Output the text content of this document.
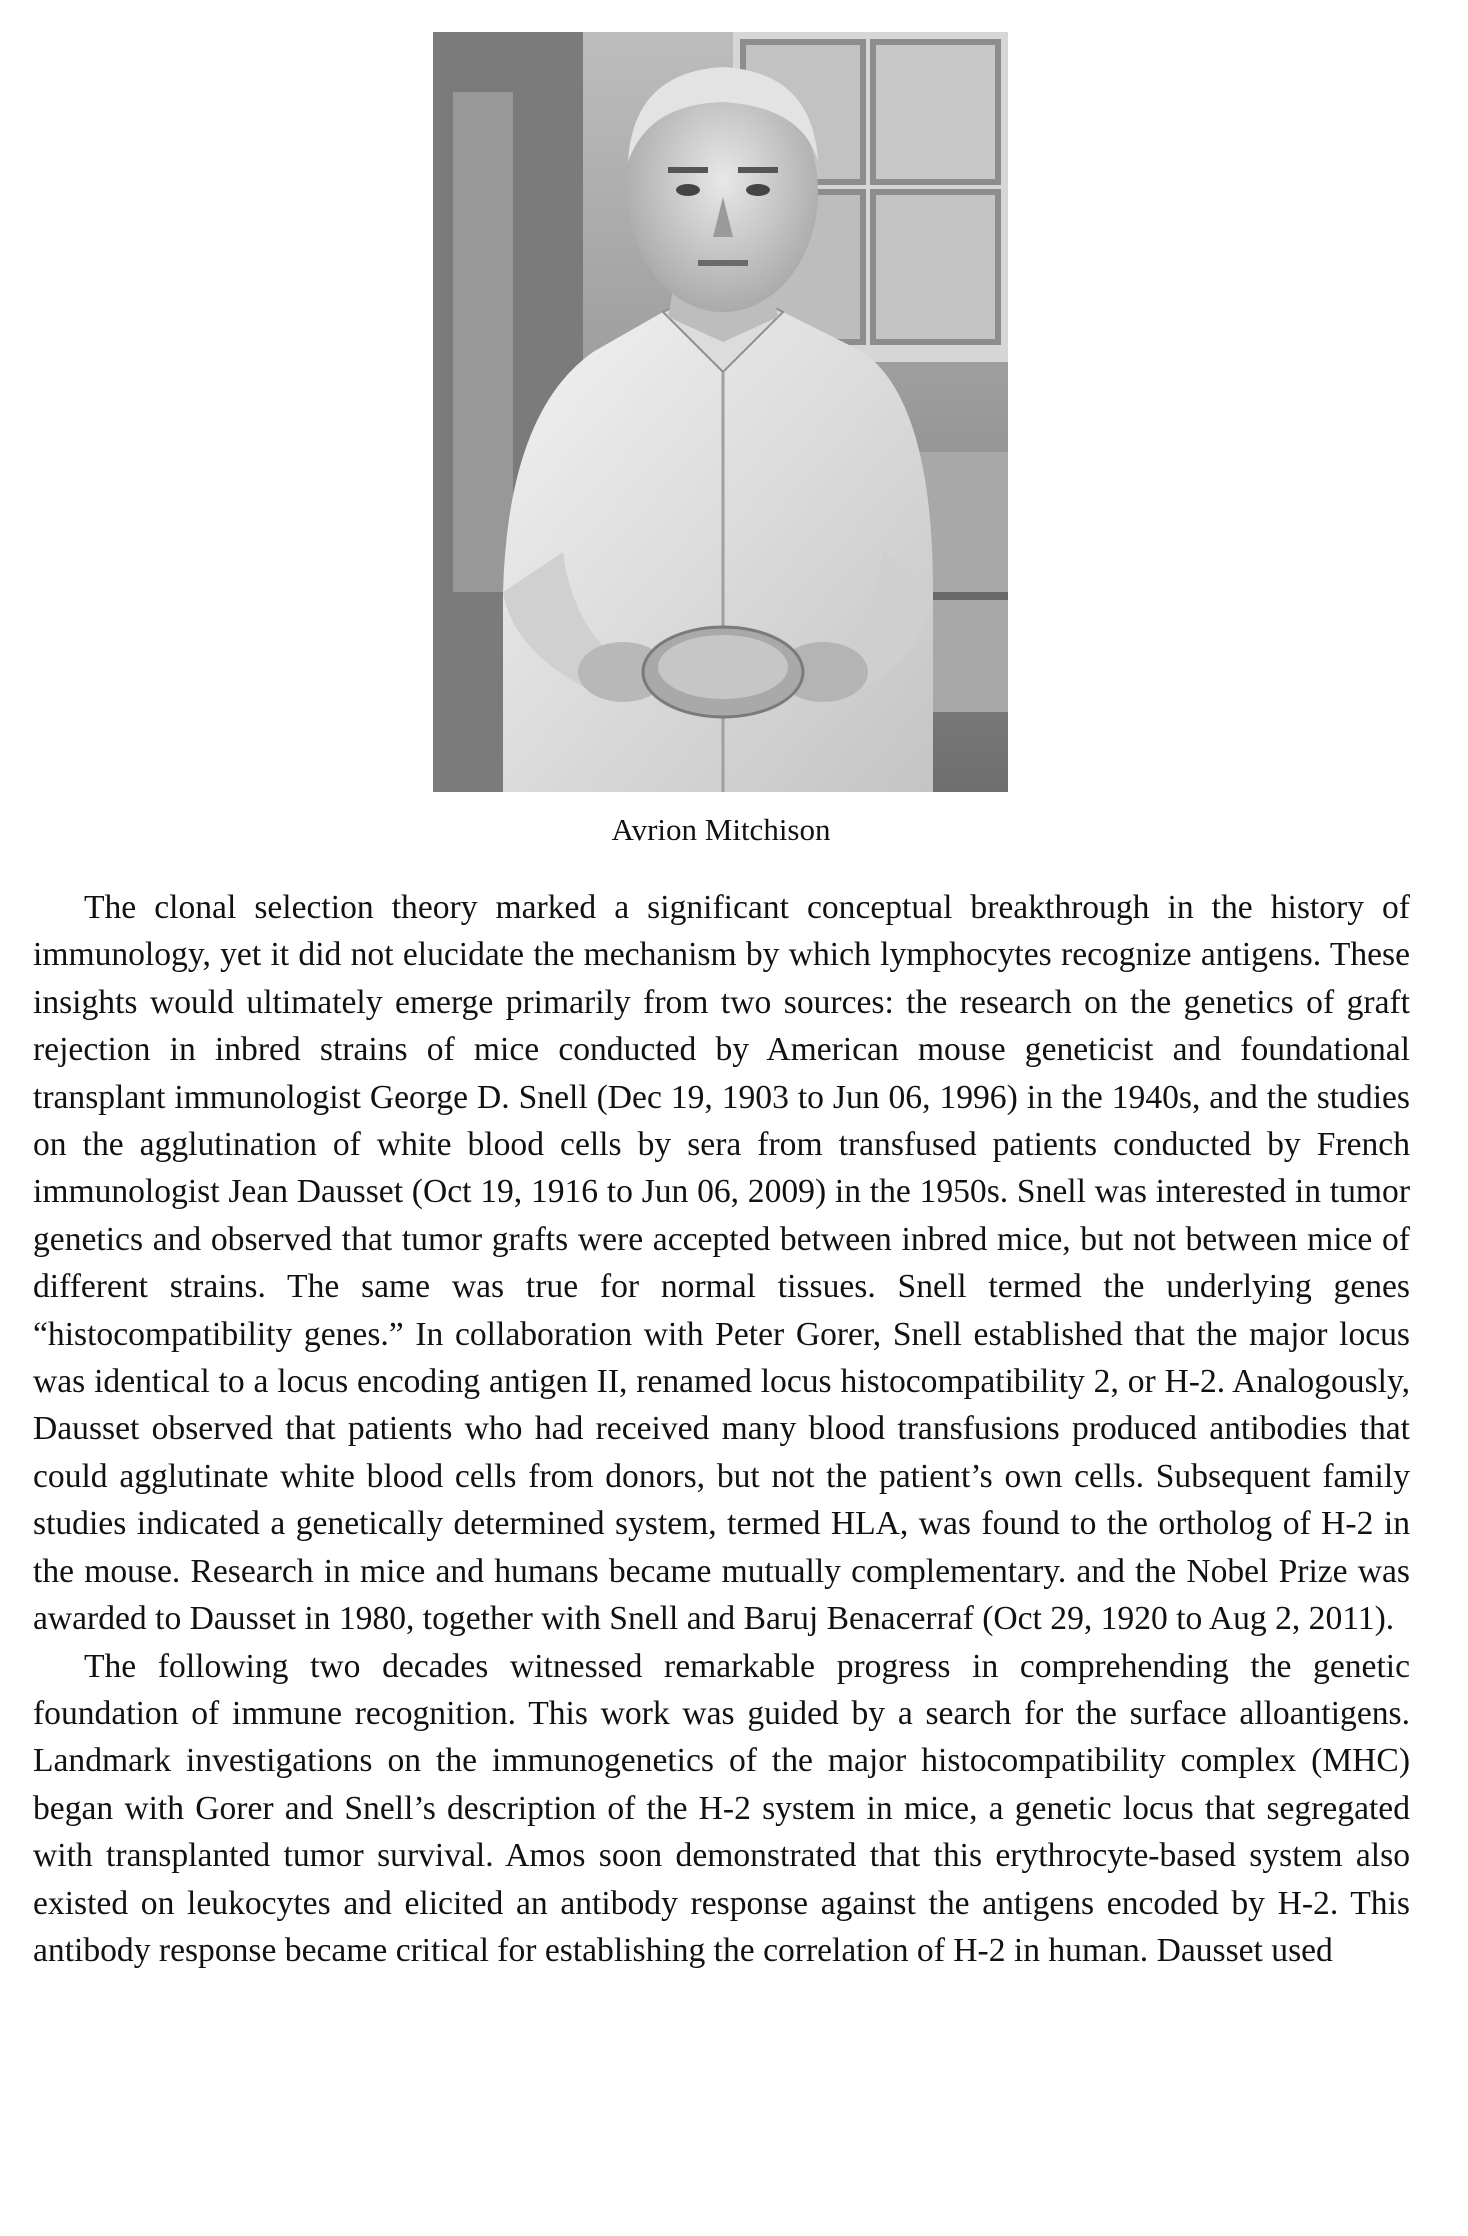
Avrion Mitchison

The clonal selection theory marked a significant conceptual breakthrough in the history of immunology, yet it did not elucidate the mechanism by which lymphocytes recognize antigens. These insights would ultimately emerge primarily from two sources: the research on the genetics of graft rejection in inbred strains of mice conducted by American mouse geneticist and foundational transplant immunologist George D. Snell (Dec 19, 1903 to Jun 06, 1996) in the 1940s, and the studies on the agglutination of white blood cells by sera from transfused patients conducted by French immunologist Jean Dausset (Oct 19, 1916 to Jun 06, 2009) in the 1950s. Snell was interested in tumor genetics and observed that tumor grafts were accepted between inbred mice, but not between mice of different strains. The same was true for normal tissues. Snell termed the underlying genes “histocompatibility genes.” In collaboration with Peter Gorer, Snell established that the major locus was identical to a locus encoding antigen II, renamed locus histocompatibility 2, or H-2. Analogously, Dausset observed that patients who had received many blood transfusions produced antibodies that could agglutinate white blood cells from donors, but not the patient’s own cells. Subsequent family studies indicated a genetically determined system, termed HLA, was found to the ortholog of H-2 in the mouse. Research in mice and humans became mutually complementary. and the Nobel Prize was awarded to Dausset in 1980, together with Snell and Baruj Benacerraf (Oct 29, 1920 to Aug 2, 2011).

The following two decades witnessed remarkable progress in comprehending the genetic foundation of immune recognition. This work was guided by a search for the surface alloantigens. Landmark investigations on the immunogenetics of the major histocompatibility complex (MHC) began with Gorer and Snell’s description of the H-2 system in mice, a genetic locus that segregated with transplanted tumor survival. Amos soon demonstrated that this erythrocyte-based system also existed on leukocytes and elicited an antibody response against the antigens encoded by H-2. This antibody response became critical for establishing the correlation of H-2 in human. Dausset used
